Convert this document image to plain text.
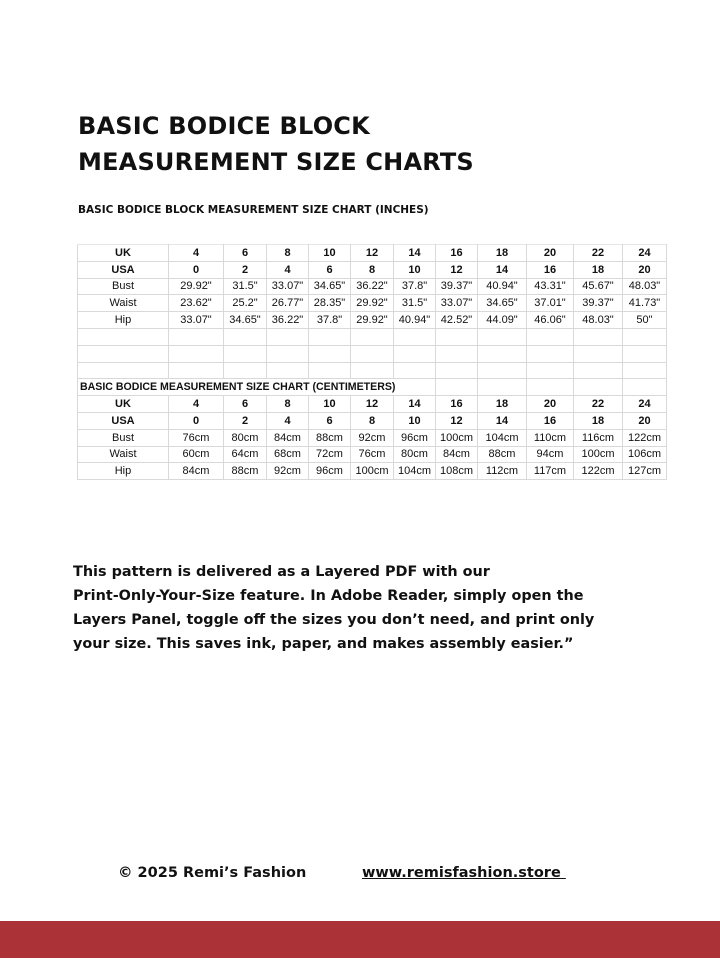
BASIC BODICE BLOCK
MEASUREMENT SIZE CHARTS
BASIC BODICE BLOCK MEASUREMENT SIZE CHART (INCHES)
UK	4	6	8	10	12	14	16	18	20	22	24
USA	0	2	4	6	8	10	12	14	16	18	20
Bust	29.92"	31.5"	33.07"	34.65"	36.22"	37.8"	39.37"	40.94"	43.31"	45.67"	48.03"
Waist	23.62"	25.2"	26.77"	28.35"	29.92"	31.5"	33.07"	34.65"	37.01"	39.37"	41.73"
Hip	33.07"	34.65"	36.22"	37.8"	29.92"	40.94"	42.52"	44.09"	46.06"	48.03"	50"

BASIC BODICE MEASUREMENT SIZE CHART (CENTIMETERS)											
UK	4	6	8	10	12	14	16	18	20	22	24
USA	0	2	4	6	8	10	12	14	16	18	20
Bust	76cm	80cm	84cm	88cm	92cm	96cm	100cm	104cm	110cm	116cm	122cm
Waist	60cm	64cm	68cm	72cm	76cm	80cm	84cm	88cm	94cm	100cm	106cm
Hip	84cm	88cm	92cm	96cm	100cm	104cm	108cm	112cm	117cm	122cm	127cm
This pattern is delivered as a Layered PDF with our
Print-Only-Your-Size feature. In Adobe Reader, simply open the
Layers Panel, toggle off the sizes you don’t need, and print only
your size. This saves ink, paper, and makes assembly easier.”
© 2025 Remi’s Fashion	www.remisfashion.store
